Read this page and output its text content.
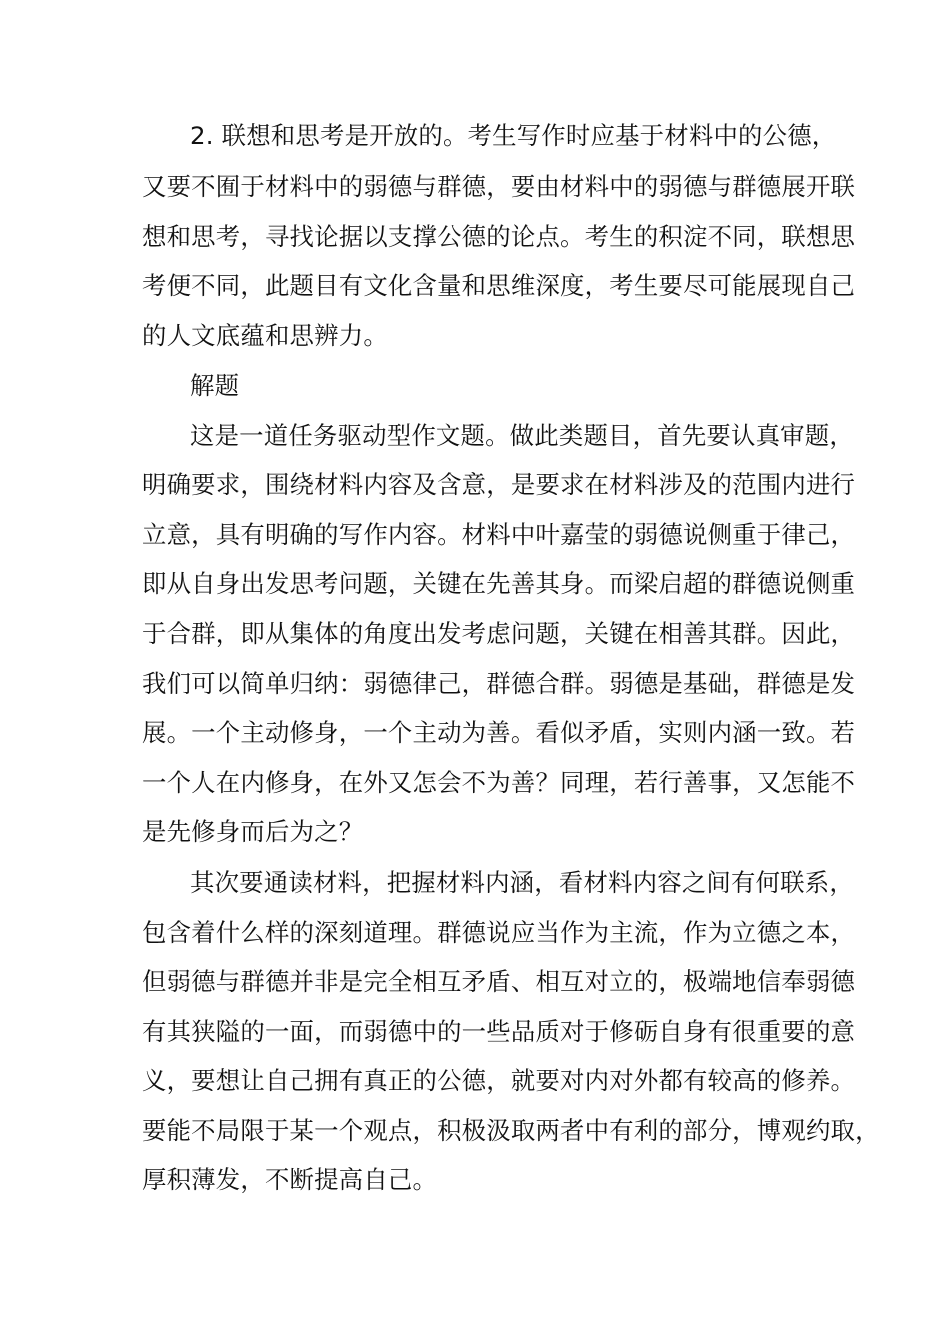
2. 联想和思考是开放的。考生写作时应基于材料中的公德，
又要不囿于材料中的弱德与群德，要由材料中的弱德与群德展开联
想和思考，寻找论据以支撑公德的论点。考生的积淀不同，联想思
考便不同，此题目有文化含量和思维深度，考生要尽可能展现自己
的人文底蕴和思辨力。
解题
这是一道任务驱动型作文题。做此类题目，首先要认真审题，
明确要求，围绕材料内容及含意，是要求在材料涉及的范围内进行
立意，具有明确的写作内容。材料中叶嘉莹的弱德说侧重于律己，
即从自身出发思考问题，关键在先善其身。而梁启超的群德说侧重
于合群，即从集体的角度出发考虑问题，关键在相善其群。因此，
我们可以简单归纳：弱德律己，群德合群。弱德是基础，群德是发
展。一个主动修身，一个主动为善。看似矛盾，实则内涵一致。若
一个人在内修身，在外又怎会不为善？同理，若行善事，又怎能不
是先修身而后为之？
其次要通读材料，把握材料内涵，看材料内容之间有何联系，
包含着什么样的深刻道理。群德说应当作为主流，作为立德之本，
但弱德与群德并非是完全相互矛盾、相互对立的，极端地信奉弱德
有其狭隘的一面，而弱德中的一些品质对于修砺自身有很重要的意
义，要想让自己拥有真正的公德，就要对内对外都有较高的修养。
要能不局限于某一个观点，积极汲取两者中有利的部分，博观约取，
厚积薄发，不断提高自己。
